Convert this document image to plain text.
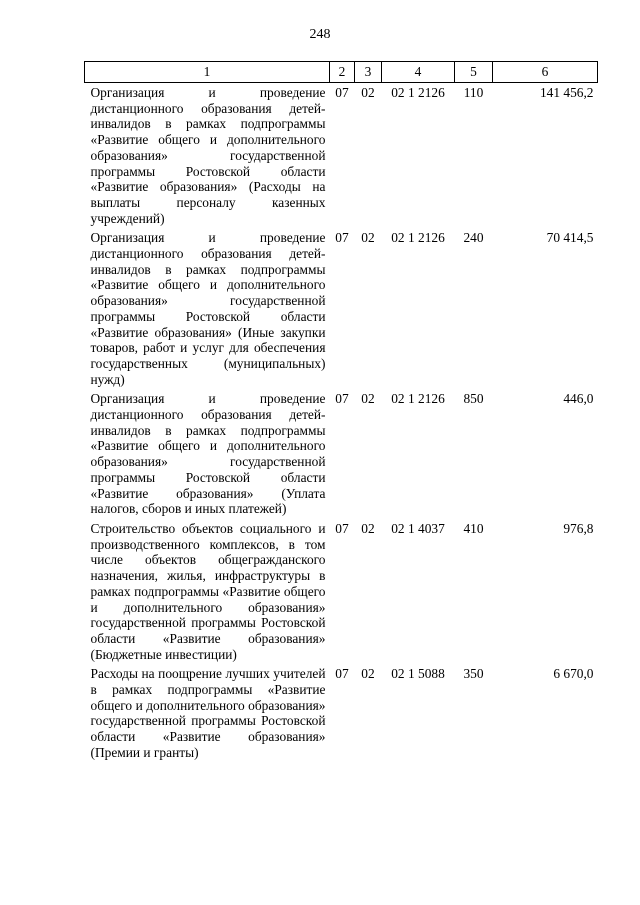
248
1	2	3	4	5	6
Организация и проведение дистанционного образования детей-инвалидов в рамках подпрограммы «Развитие общего и дополнительного образования» государственной программы Ростовской области «Развитие образования» (Расходы на выплаты персоналу казенных учреждений)	07	02	02 1 2126	110	141 456,2
Организация и проведение дистанционного образования детей-инвалидов в рамках подпрограммы «Развитие общего и дополнительного образования» государственной программы Ростовской области «Развитие образования» (Иные закупки товаров, работ и услуг для обеспечения государственных (муниципальных) нужд)	07	02	02 1 2126	240	70 414,5
Организация и проведение дистанционного образования детей-инвалидов в рамках подпрограммы «Развитие общего и дополнительного образования» государственной программы Ростовской области «Развитие образования» (Уплата налогов, сборов и иных платежей)	07	02	02 1 2126	850	446,0
Строительство объектов социального и производственного комплексов, в том числе объектов общегражданского назначения, жилья, инфраструктуры в рамках подпрограммы «Развитие общего и дополнительного образования» государственной программы Ростовской области «Развитие образования» (Бюджетные инвестиции)	07	02	02 1 4037	410	976,8
Расходы на поощрение лучших учителей в рамках подпрограммы «Развитие общего и дополнительного образования» государственной программы Ростовской области «Развитие образования» (Премии и гранты)	07	02	02 1 5088	350	6 670,0
